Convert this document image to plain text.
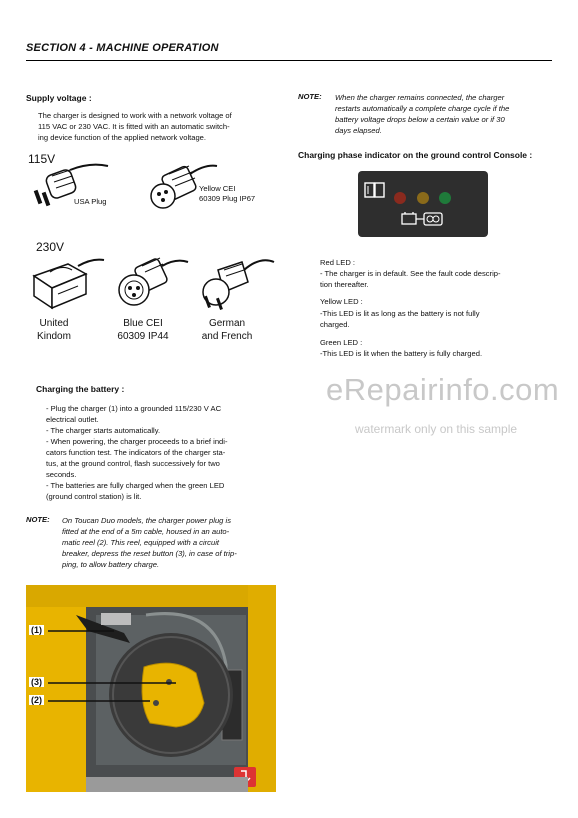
SECTION 4 - MACHINE OPERATION
Supply voltage :
The charger is designed to work with a network voltage of
115 VAC or 230 VAC. It is fitted with an automatic switch-
ing device function of the applied network voltage.
115V
USA Plug
Yellow CEI
60309 Plug IP67
230V
United
Kindom
Blue CEI
60309 IP44
German
and French
Charging the battery :
- Plug the charger (1) into a grounded 115/230 V AC
electrical outlet.
- The charger starts automatically.
- When powering, the charger proceeds to a brief indi-
cators function test. The indicators of the charger sta-
tus, at the ground control, flash successively for two
seconds.
- The batteries are fully charged when the green LED
(ground control station) is lit.
NOTE: On Toucan Duo models, the charger power plug is
fitted at the end of a 5m cable, housed in an auto-
matic reel (2). This reel, equipped with a circuit
breaker, depress the reset button (3), in case of trip-
ping, to allow battery charge.
NOTE: When the charger remains connected, the charger
restarts automatically a complete charge cycle if the
battery voltage drops below a certain value or if 30
days elapsed.
Charging phase indicator on the ground control Console :
Red LED :
- The charger is in default. See the fault code descrip-
tion thereafter.
Yellow LED :
-This LED is lit as long as the battery is not fully
charged.
Green LED :
-This LED is lit when the battery is fully charged.
eRepairinfo.com
watermark only on this sample
(1)
(3)
(2)
